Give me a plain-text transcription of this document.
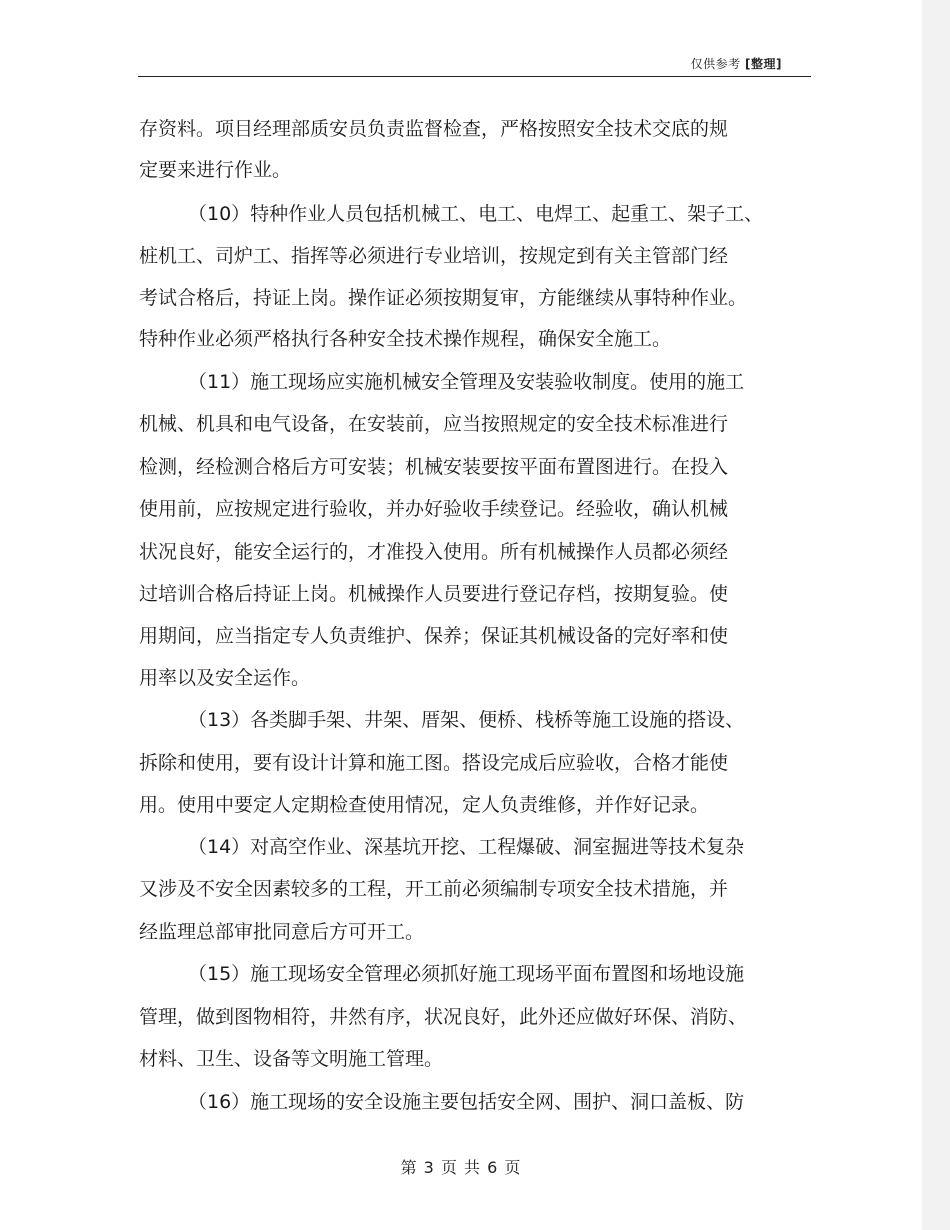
仅供参考 [整理]
存资料。项目经理部质安员负责监督检查，严格按照安全技术交底的规
定要来进行作业。
（10）特种作业人员包括机械工、电工、电焊工、起重工、架子工、
桩机工、司炉工、指挥等必须进行专业培训，按规定到有关主管部门经
考试合格后，持证上岗。操作证必须按期复审，方能继续从事特种作业。
特种作业必须严格执行各种安全技术操作规程，确保安全施工。
（11）施工现场应实施机械安全管理及安装验收制度。使用的施工
机械、机具和电气设备，在安装前，应当按照规定的安全技术标准进行
检测，经检测合格后方可安装；机械安装要按平面布置图进行。在投入
使用前，应按规定进行验收，并办好验收手续登记。经验收，确认机械
状况良好，能安全运行的，才准投入使用。所有机械操作人员都必须经
过培训合格后持证上岗。机械操作人员要进行登记存档，按期复验。使
用期间，应当指定专人负责维护、保养；保证其机械设备的完好率和使
用率以及安全运作。
（13）各类脚手架、井架、厝架、便桥、栈桥等施工设施的搭设、
拆除和使用，要有设计计算和施工图。搭设完成后应验收，合格才能使
用。使用中要定人定期检查使用情况，定人负责维修，并作好记录。
（14）对高空作业、深基坑开挖、工程爆破、洞室掘进等技术复杂
又涉及不安全因素较多的工程，开工前必须编制专项安全技术措施，并
经监理总部审批同意后方可开工。
（15）施工现场安全管理必须抓好施工现场平面布置图和场地设施
管理，做到图物相符，井然有序，状况良好，此外还应做好环保、消防、
材料、卫生、设备等文明施工管理。
（16）施工现场的安全设施主要包括安全网、围护、洞口盖板、防
第 3 页 共 6 页
